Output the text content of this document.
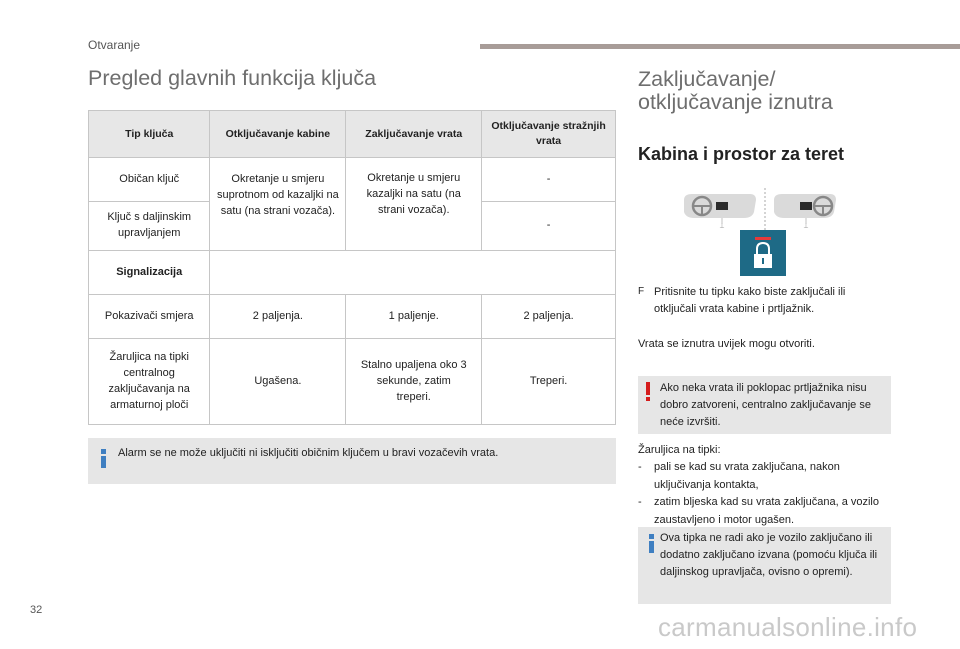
Otvaranje
Pregled glavnih funkcija ključa
Tip ključa	Otključavanje kabine	Zaključavanje vrata	Otključavanje stražnjih vrata
Običan ključ	Okretanje u smjeru suprotnom od kazaljki na satu (na strani vozača).	Okretanje u smjeru kazaljki na satu (na strani vozača).	-
Ključ s daljinskim upravljanjem			-
Signalizacija			
Pokazivači smjera	2 paljenja.	1 paljenje.	2 paljenja.
Žaruljica na tipki centralnog zaključavanja na armaturnoj ploči	Ugašena.	Stalno upaljena oko 3 sekunde, zatim treperi.	Treperi.
Alarm se ne može uključiti ni isključiti običnim ključem u bravi vozačevih vrata.
Zaključavanje/
otključavanje iznutra
Kabina i prostor za teret
⊥	⊥
F Pritisnite tu tipku kako biste zaključali ili otključali vrata kabine i prtljažnik.
Vrata se iznutra uvijek mogu otvoriti.
Ako neka vrata ili poklopac prtljažnika nisu dobro zatvoreni, centralno zaključavanje se neće izvršiti.
Žaruljica na tipki:
- pali se kad su vrata zaključana, nakon uključivanja kontakta,
- zatim bljeska kad su vrata zaključana, a vozilo zaustavljeno i motor ugašen.
Ova tipka ne radi ako je vozilo zaključano ili dodatno zaključano izvana (pomoću ključa ili daljinskog upravljača, ovisno o opremi).
32
carmanualsonline.info
